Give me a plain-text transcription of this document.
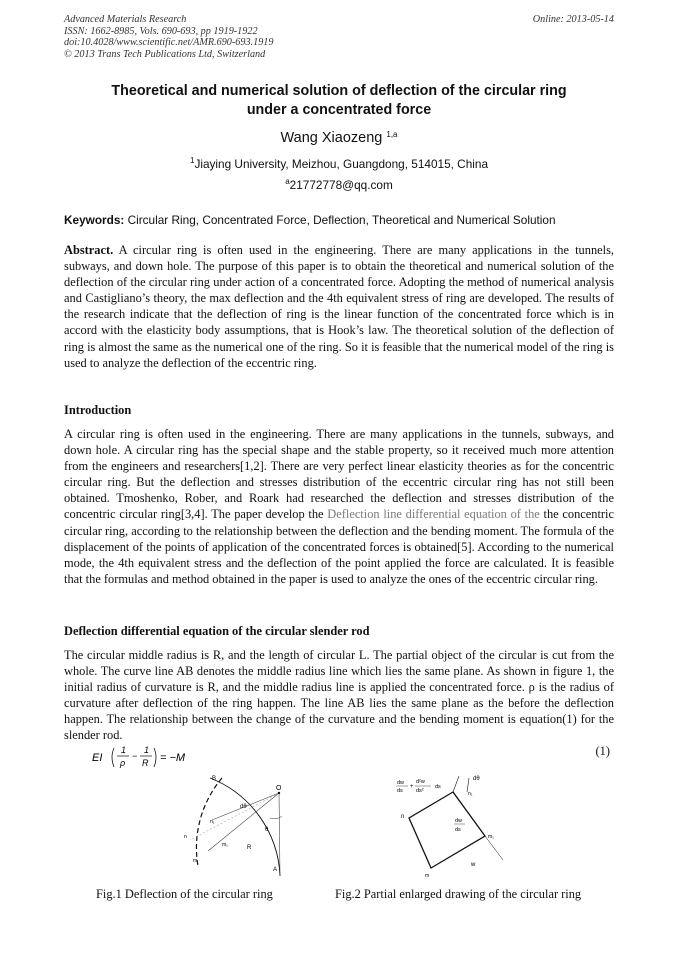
Advanced Materials Research
ISSN: 1662-8985, Vols. 690-693, pp 1919-1922
doi:10.4028/www.scientific.net/AMR.690-693.1919
© 2013 Trans Tech Publications Ltd, Switzerland
Online: 2013-05-14
Theoretical and numerical solution of deflection of the circular ring
under a concentrated force
Wang Xiaozeng $^{1,a}$
$^1$Jiaying University, Meizhou, Guangdong, 514015, China
$^a$21772778@qq.com
Keywords: Circular Ring, Concentrated Force, Deflection, Theoretical and Numerical Solution

Abstract. A circular ring is often used in the engineering. There are many applications in the tunnels, subways, and down hole. The purpose of this paper is to obtain the theoretical and numerical solution of the deflection of the circular ring under action of a concentrated force. Adopting the method of numerical analysis and Castigliano’s theory, the max deflection and the 4th equivalent stress of ring are developed. The results of the research indicate that the deflection of ring is the linear function of the concentrated force which is in accord with the elasticity body assumptions, that is Hook’s law. The theoretical solution of the deflection of ring is almost the same as the numerical one of the ring. So it is feasible that the numerical model of the ring is used to analyze the deflection of the eccentric ring.

Introduction

A circular ring is often used in the engineering. There are many applications in the tunnels, subways, and down hole. A circular ring has the special shape and the stable property, so it received much more attention from the engineers and researchers[1,2]. There are very perfect linear elasticity theories as for the concentric circular ring. But the deflection and stresses distribution of the eccentric circular ring has not still been obtained. Tmoshenko, Rober, and Roark had researched the deflection and stresses distribution of the concentric circular ring[3,4]. The paper develop the Deflection line differential equation of the the concentric circular ring, according to the relationship between the deflection and the bending moment. The formula of the displacement of the points of application of the concentrated forces is obtained[5]. According to the numerical mode, the 4th equivalent stress and the deflection of the point applied the force are calculated. It is feasible that the formulas and method obtained in the paper is used to analyze the ones of the eccentric circular ring.

Deflection differential equation of the circular slender rod

The circular middle radius is R, and the length of circular L. The partial object of the circular is cut from the whole. The curve line AB denotes the middle radius line which lies the same plane. As shown in figure 1, the initial radius of curvature is R, and the middle radius line is applied the concentrated force. ρ is the radius of curvature after deflection of the ring happen. The line AB lies the same plane as the before the deflection happen. The relationship between the change of the curvature and the bending moment is equation(1) for the slender rod.

EI
1
ρ
−
1
R = −M	(1)
B
O
dθ
θ
n₁
n
m₁	R
m
A
dw
ds
+
d²w
ds²
ds
dθ
n₁
n
dw
ds
m₁
w
m
Fig.1 Deflection of the circular ring	Fig.2 Partial enlarged drawing of the circular ring
